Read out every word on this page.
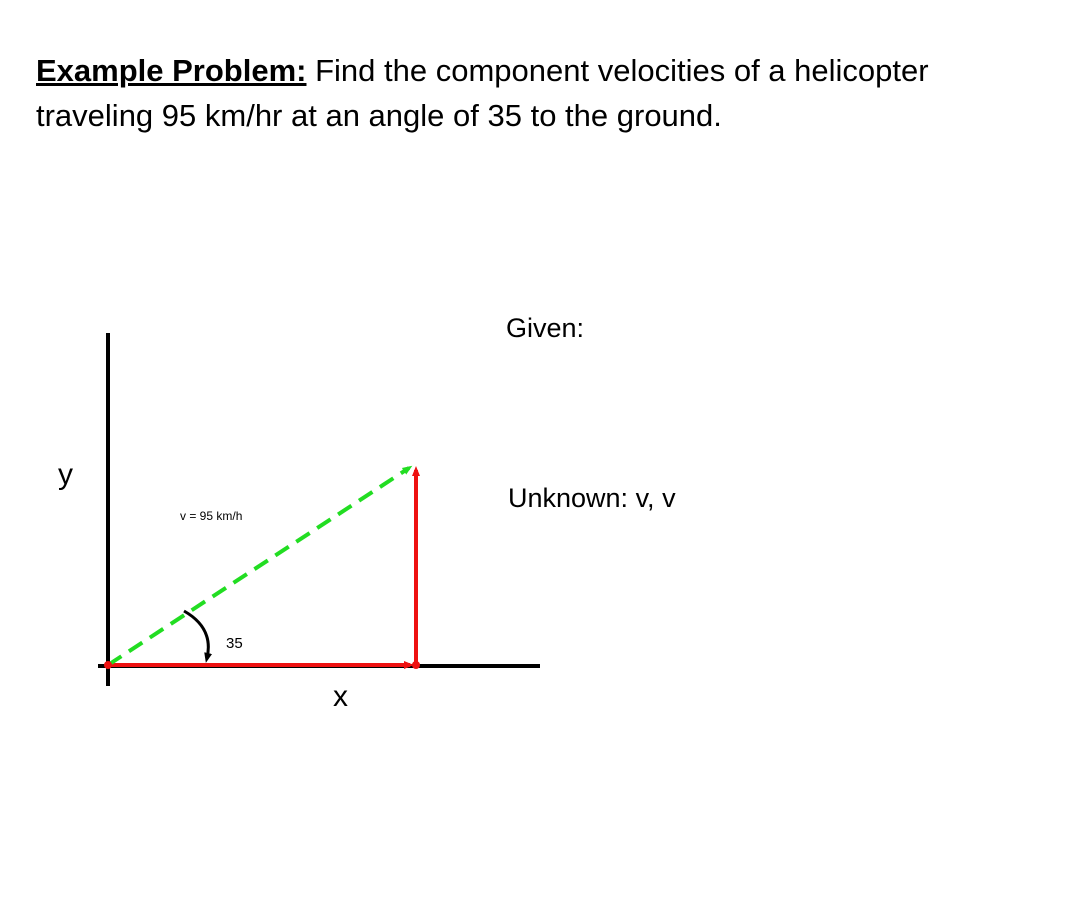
Example Problem: Find the component velocities of a helicopter traveling 95 km/hr at an angle of 35 to the ground.
Given:
Unknown: v, v
y
x
v = 95 km/h
35
